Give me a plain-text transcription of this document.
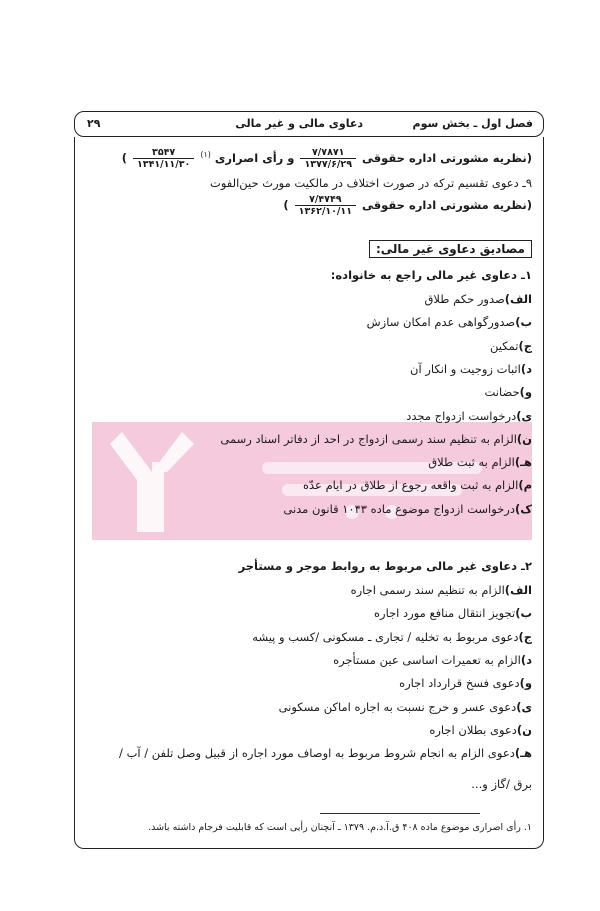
فصل اول ـ بخش سوم
دعاوی مالی و غیر مالی
۲۹
(نظریه مشورتی اداره حقوقی
$\frac{۷/۷۸۷۱}{۱۳۷۷/۶/۲۹}$
و رأی اصراری $^{(۱)}$
$\frac{۳۵۴۷}{۱۳۴۱/۱۱/۳۰}$
)
۹ـ دعوی تقسیم ترکه در صورت اختلاف در مالکیت مورث حین‌الفوت
(نظریه مشورتی اداره حقوقی
$\frac{۷/۴۷۴۹}{۱۳۶۲/۱۰/۱۱}$
)
مصادیق دعاوی غیر مالی:
۱ـ دعاوی غیر مالی راجع به خانواده:
الف)صدور حکم طلاق
ب)صدورگواهی عدم امکان سازش
ج)تمکین
د)اثبات زوجیت و انکار آن
و)حضانت
ی)درخواست ازدواج مجدد
ن)الزام به تنظیم سند رسمی ازدواج در احد از دفاتر اسناد رسمی
هـ)الزام به ثبت طلاق
م)الزام به ثبت واقعه رجوع از طلاق در ایام عدّه
ک)درخواست ازدواج موضوع ماده ۱۰۴۳ قانون مدنی
۲ـ دعاوی غیر مالی مربوط به روابط موجر و مستأجر
الف)الزام به تنظیم سند رسمی اجاره
ب)تجویز انتقال منافع مورد اجاره
ج)دعوی مربوط به تخلیه / تجاری ـ مسکونی /کسب و پیشه
د)الزام به تعمیرات اساسی عین مستأجره
و)دعوی فسخ قرارداد اجاره
ی)دعوی عسر و حرج نسبت به اجاره اماکن مسکونی
ن)دعوی بطلان اجاره
هـ)دعوی الزام به انجام شروط مربوط به اوصاف مورد اجاره از قبیل وصل تلفن / آب /
برق /گاز و...
۱. رأی اصراری موضوع ماده ۴۰۸ ق.آ.د.م. ۱۳۷۹ ـ آنچنان رأیی است که قابلیت فرجام داشته باشد.
